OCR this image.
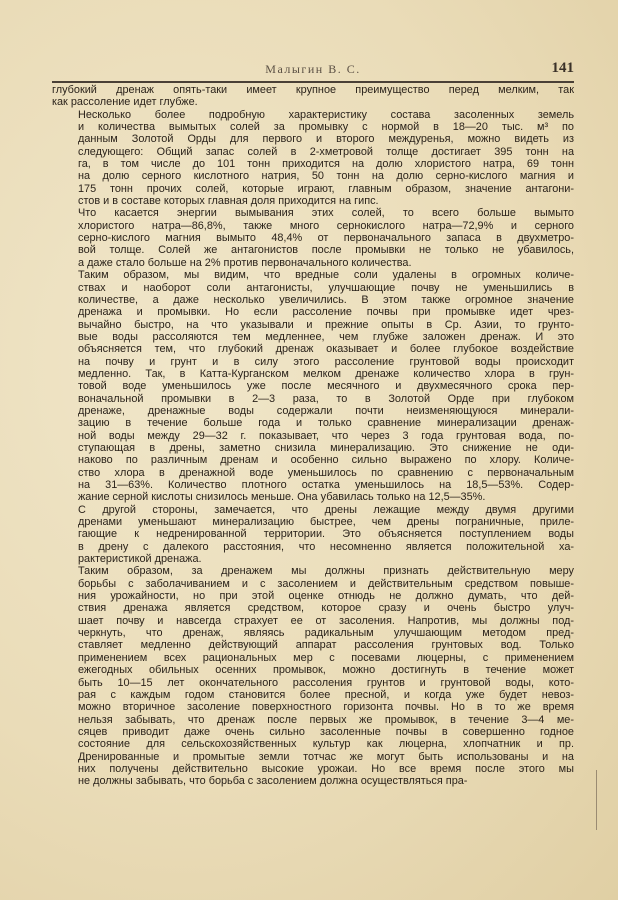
Малыгин В. С.	141
глубокий дренаж опять-таки имеет крупное преимущество перед мелким, так
как рассоление идет глубже.
Несколько более подробную характеристику состава засоленных земель
и количества вымытых солей за промывку с нормой в 18—20 тыс. м³ по
данным Золотой Орды для первого и второго междуренья, можно видеть из
следующего: Общий запас солей в 2-хметровой толще достигает 395 тонн на
га, в том числе до 101 тонн приходится на долю хлористого натра, 69 тонн
на долю серного кислотного натрия, 50 тонн на долю серно-кислого магния и
175 тонн прочих солей, которые играют, главным образом, значение антагони-
стов и в составе которых главная доля приходится на гипс.
Что касается энергии вымывания этих солей, то всего больше вымыто
хлористого натра—86,8%, также много сернокислого натра—72,9% и серного
серно-кислого магния вымыто 48,4% от первоначального запаса в двухметро-
вой толще. Солей же антагонистов после промывки не только не убавилось,
а даже стало больше на 2% против первоначального количества.
Таким образом, мы видим, что вредные соли удалены в огромных количе-
ствах и наоборот соли антагонисты, улучшающие почву не уменьшились в
количестве, а даже несколько увеличились. В этом также огромное значение
дренажа и промывки. Но если рассоление почвы при промывке идет чрез-
вычайно быстро, на что указывали и прежние опыты в Ср. Азии, то грунто-
вые воды рассоляются тем медленнее, чем глубже заложен дренаж. И это
объясняется тем, что глубокий дренаж оказывает и более глубокое воздействие
на почву и грунт и в силу этого рассоление грунтовой воды происходит
медленно. Так, в Катта-Курганском мелком дренаже количество хлора в грун-
товой воде уменьшилось уже после месячного и двухмесячного срока пер-
воначальной промывки в 2—3 раза, то в Золотой Орде при глубоком
дренаже, дренажные воды содержали почти неизменяющуюся минерали-
зацию в течение больше года и только сравнение минерализации дренаж-
ной воды между 29—32 г. показывает, что через 3 года грунтовая вода, по-
ступающая в дрены, заметно снизила минерализацию. Это снижение не оди-
наково по различным дренам и особенно сильно выражено по хлору. Количе-
ство хлора в дренажной воде уменьшилось по сравнению с первоначальным
на 31—63%. Количество плотного остатка уменьшилось на 18,5—53%. Содер-
жание серной кислоты снизилось меньше. Она убавилась только на 12,5—35%.
С другой стороны, замечается, что дрены лежащие между двумя другими
дренами уменьшают минерализацию быстрее, чем дрены пограничные, приле-
гающие к недренированной территории. Это объясняется поступлением воды
в дрену с далекого расстояния, что несомненно является положительной ха-
рактеристикой дренажа.
Таким образом, за дренажем мы должны признать действительную меру
борьбы с заболачиванием и с засолением и действительным средством повыше-
ния урожайности, но при этой оценке отнюдь не должно думать, что дей-
ствия дренажа является средством, которое сразу и очень быстро улуч-
шает почву и навсегда страхует ее от засоления. Напротив, мы должны под-
черкнуть, что дренаж, являясь радикальным улучшающим методом пред-
ставляет медленно действующий аппарат рассоления грунтовых вод. Только
применением всех рациональных мер с посевами люцерны, с применением
ежегодных обильных осенних промывок, можно достигнуть в течение может
быть 10—15 лет окончательного рассоления грунтов и грунтовой воды, кото-
рая с каждым годом становится более пресной, и когда уже будет невоз-
можно вторичное засоление поверхностного горизонта почвы. Но в то же время
нельзя забывать, что дренаж после первых же промывок, в течение 3—4 ме-
сяцев приводит даже очень сильно засоленные почвы в совершенно годное
состояние для сельскохозяйственных культур как люцерна, хлопчатник и пр.
Дренированные и промытые земли тотчас же могут быть использованы и на
них получены действительно высокие урожаи. Но все время после этого мы
не должны забывать, что борьба с засолением должна осуществляться пра-
